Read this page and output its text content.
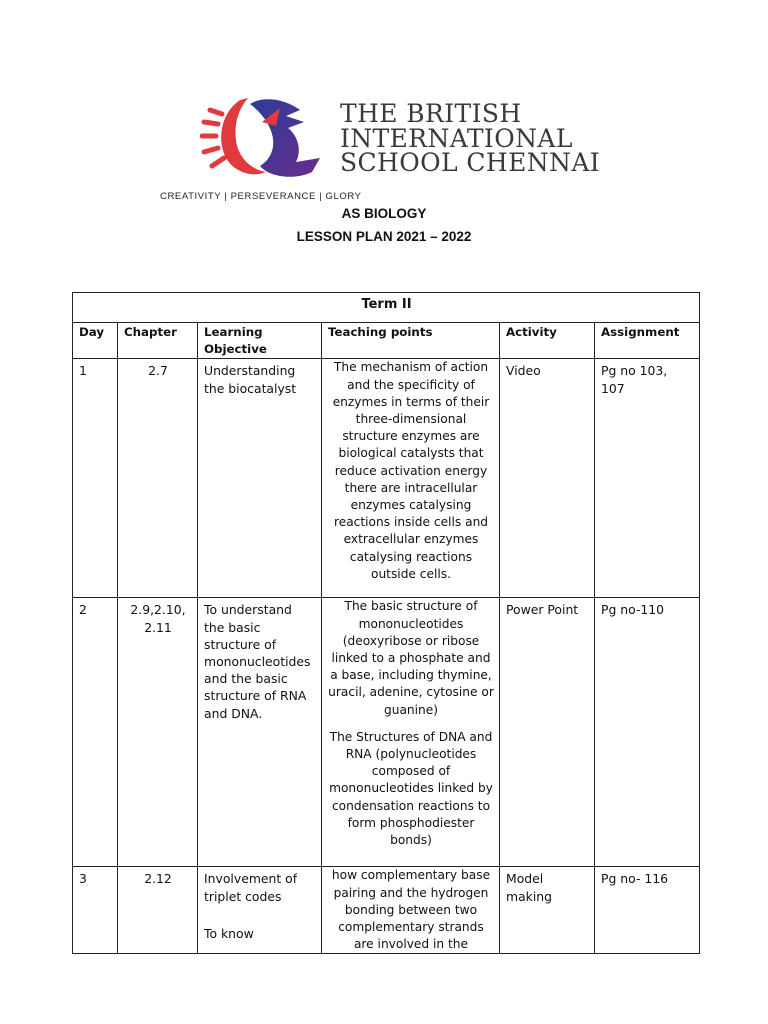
THE BRITISH
INTERNATIONAL
SCHOOL CHENNAI
CREATIVITY | PERSEVERANCE | GLORY
AS BIOLOGY
LESSON PLAN 2021 – 2022
Term II					
Day	Chapter	Learning Objective	Teaching points	Activity	Assignment
1	2.7	Understanding the biocatalyst	The mechanism of action and the specificity of enzymes in terms of their three-dimensional structure enzymes are biological catalysts that reduce activation energy there are intracellular enzymes catalysing reactions inside cells and extracellular enzymes catalysing reactions outside cells.	Video	Pg no 103, 107
2	2.9,2.10, 2.11	To understand the basic structure of mononucleotides and the basic structure of RNA and DNA.	The basic structure of mononucleotides (deoxyribose or ribose linked to a phosphate and a base, including thymine, uracil, adenine, cytosine or guanine)

The Structures of DNA and RNA (polynucleotides composed of mononucleotides linked by condensation reactions to form phosphodiester bonds)	Power Point	Pg no-110
3	2.12	Involvement of triplet codes
To know	how complementary base pairing and the hydrogen bonding between two complementary strands are involved in the	Model making	Pg no- 116
